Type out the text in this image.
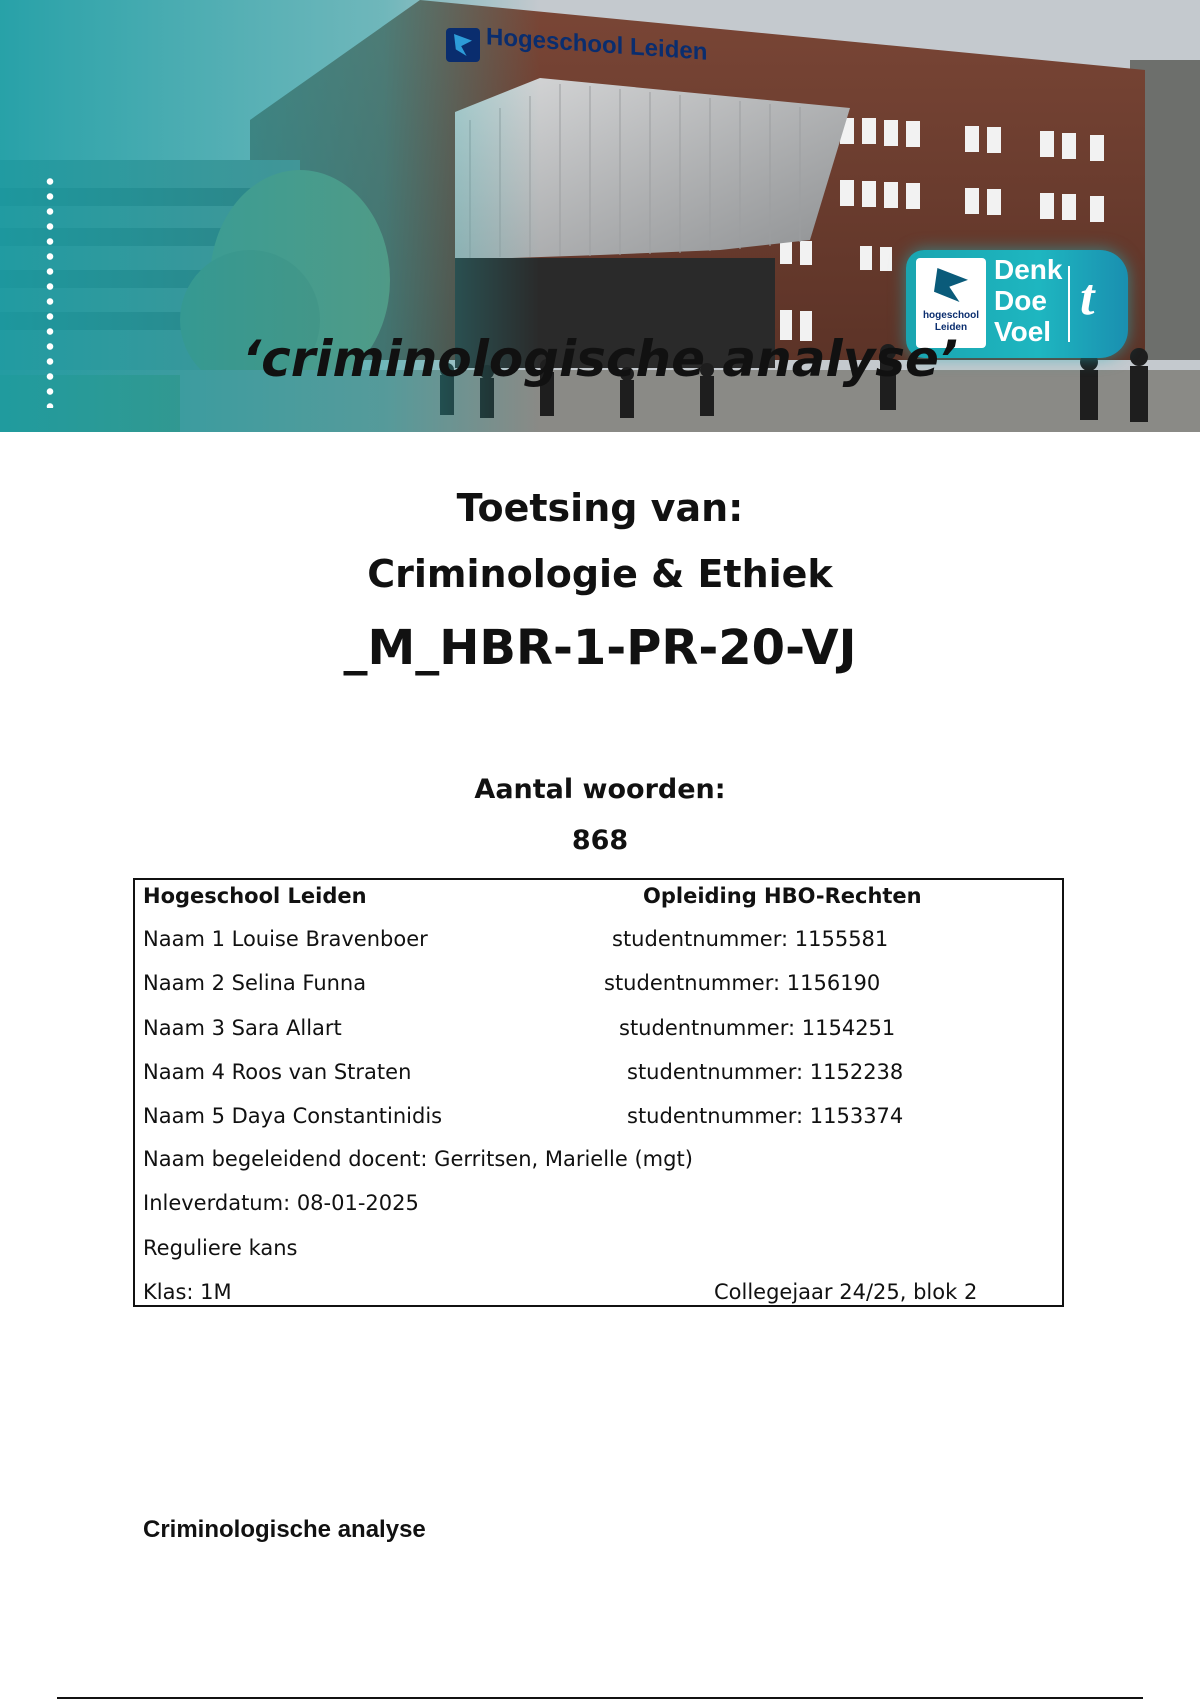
Hogeschool Leiden
hogeschool
Leiden
Denk
Doe
Voel
t
‘criminologische analyse’
Toetsing van:
Criminologie & Ethiek
_M_HBR-1-PR-20-VJ
Aantal woorden:
868
Hogeschool Leiden	Opleiding HBO-Rechten
Naam 1 Louise Bravenboer	studentnummer: 1155581
Naam 2 Selina Funna	studentnummer: 1156190
Naam 3 Sara Allart	studentnummer: 1154251
Naam 4 Roos van Straten	studentnummer: 1152238
Naam 5 Daya Constantinidis	studentnummer: 1153374
Naam begeleidend docent: Gerritsen, Marielle (mgt)
Inleverdatum: 08-01-2025
Reguliere kans
Klas: 1M	Collegejaar 24/25, blok 2
Criminologische analyse
